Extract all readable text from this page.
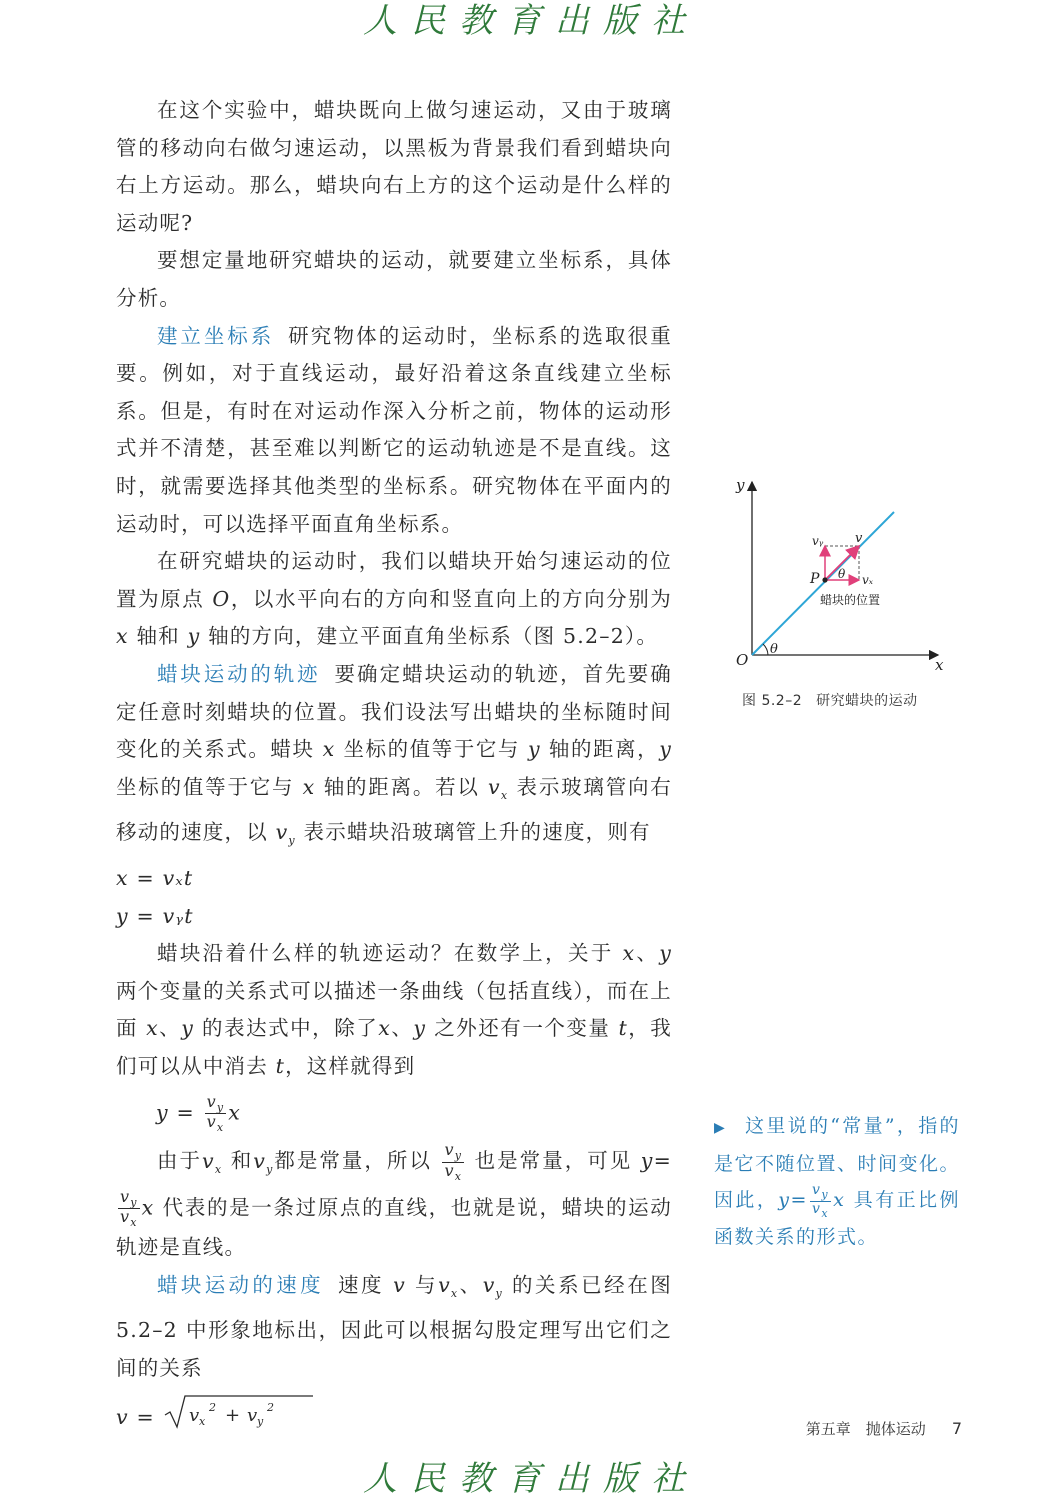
人民教育出版社

在这个实验中，蜡块既向上做匀速运动，又由于玻璃管的移动向右做匀速运动，以黑板为背景我们看到蜡块向右上方运动。那么，蜡块向右上方的这个运动是什么样的运动呢?

要想定量地研究蜡块的运动，就要建立坐标系，具体分析。

建立坐标系 研究物体的运动时，坐标系的选取很重要。例如，对于直线运动，最好沿着这条直线建立坐标系。但是，有时在对运动作深入分析之前，物体的运动形式并不清楚，甚至难以判断它的运动轨迹是不是直线。这时，就需要选择其他类型的坐标系。研究物体在平面内的运动时，可以选择平面直角坐标系。

在研究蜡块的运动时，我们以蜡块开始匀速运动的位置为原点 O，以水平向右的方向和竖直向上的方向分别为 x 轴和 y 轴的方向，建立平面直角坐标系（图 5.2–2）。

蜡块运动的轨迹 要确定蜡块运动的轨迹，首先要确定任意时刻蜡块的位置。我们设法写出蜡块的坐标随时间变化的关系式。蜡块 x 坐标的值等于它与 y 轴的距离，y 坐标的值等于它与 x 轴的距离。若以 $v_x$ 表示玻璃管向右移动的速度，以 $v_y$ 表示蜡块沿玻璃管上升的速度，则有

x = vₓt

y = vᵧt

蜡块沿着什么样的轨迹运动？在数学上，关于 x、y 两个变量的关系式可以描述一条曲线（包括直线），而在上面 x、y 的表达式中，除了x、y 之外还有一个变量 t，我们可以从中消去 t，这样就得到

$y = \frac{v_y}{v_x}$ x

由于$v_x$ 和$v_y$都是常量，所以 $\frac{v_y}{v_x}$ 也是常量，可见 y=
$\frac{v_y}{v_x}$ x 代表的是一条过原点的直线，也就是说，蜡块的运动轨迹是直线。

蜡块运动的速度 速度 v 与$v_x$、$v_y$ 的关系已经在图 5.2–2 中形象地标出，因此可以根据勾股定理写出它们之间的关系

v = v
x
2 + v
y
2

y
x
O
θ
P θ
vᵧ v
vₓ
蜡块的位置
图 5.2–2 研究蜡块的运动
▶ 这里说的“常量”，指的是它不随位置、时间变化。因此，$y= \frac{v_y}{v_x}$ x 具有正比例函数关系的形式。
第五章　抛体运动 7
人民教育出版社
